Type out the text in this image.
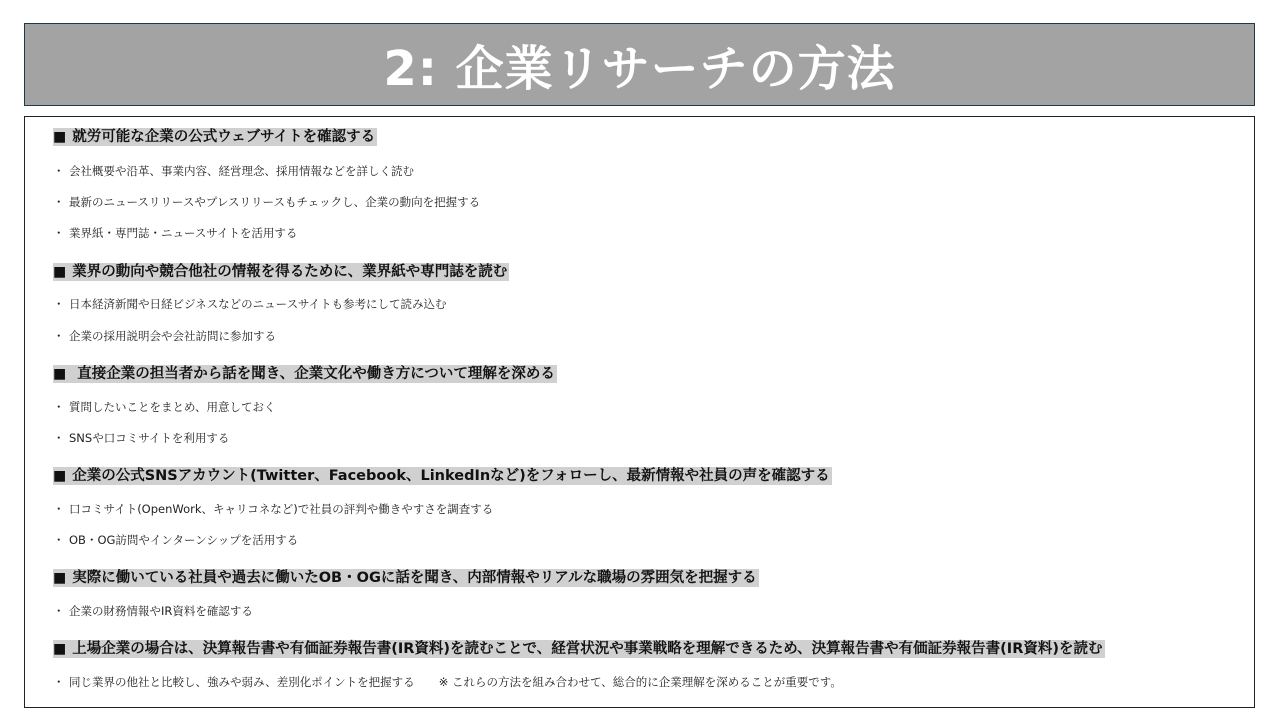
2: 企業リサーチの方法
■ 就労可能な企業の公式ウェブサイトを確認する
・ 会社概要や沿革、事業内容、経営理念、採用情報などを詳しく読む
・ 最新のニュースリリースやプレスリリースもチェックし、企業の動向を把握する
・ 業界紙・専門誌・ニュースサイトを活用する
■ 業界の動向や競合他社の情報を得るために、業界紙や専門誌を読む
・ 日本経済新聞や日経ビジネスなどのニュースサイトも参考にして読み込む
・ 企業の採用説明会や会社訪問に参加する
■ 直接企業の担当者から話を聞き、企業文化や働き方について理解を深める
・ 質問したいことをまとめ、用意しておく
・ SNSや口コミサイトを利用する
■ 企業の公式SNSアカウント(Twitter、Facebook、LinkedInなど)をフォローし、最新情報や社員の声を確認する
・ 口コミサイト(OpenWork、キャリコネなど)で社員の評判や働きやすさを調査する
・ OB・OG訪問やインターンシップを活用する
■ 実際に働いている社員や過去に働いたOB・OGに話を聞き、内部情報やリアルな職場の雰囲気を把握する
・ 企業の財務情報やIR資料を確認する
■ 上場企業の場合は、決算報告書や有価証券報告書(IR資料)を読むことで、経営状況や事業戦略を理解できるため、決算報告書や有価証券報告書(IR資料)を読む
・ 同じ業界の他社と比較し、強みや弱み、差別化ポイントを把握する ※ これらの方法を組み合わせて、総合的に企業理解を深めることが重要です。
